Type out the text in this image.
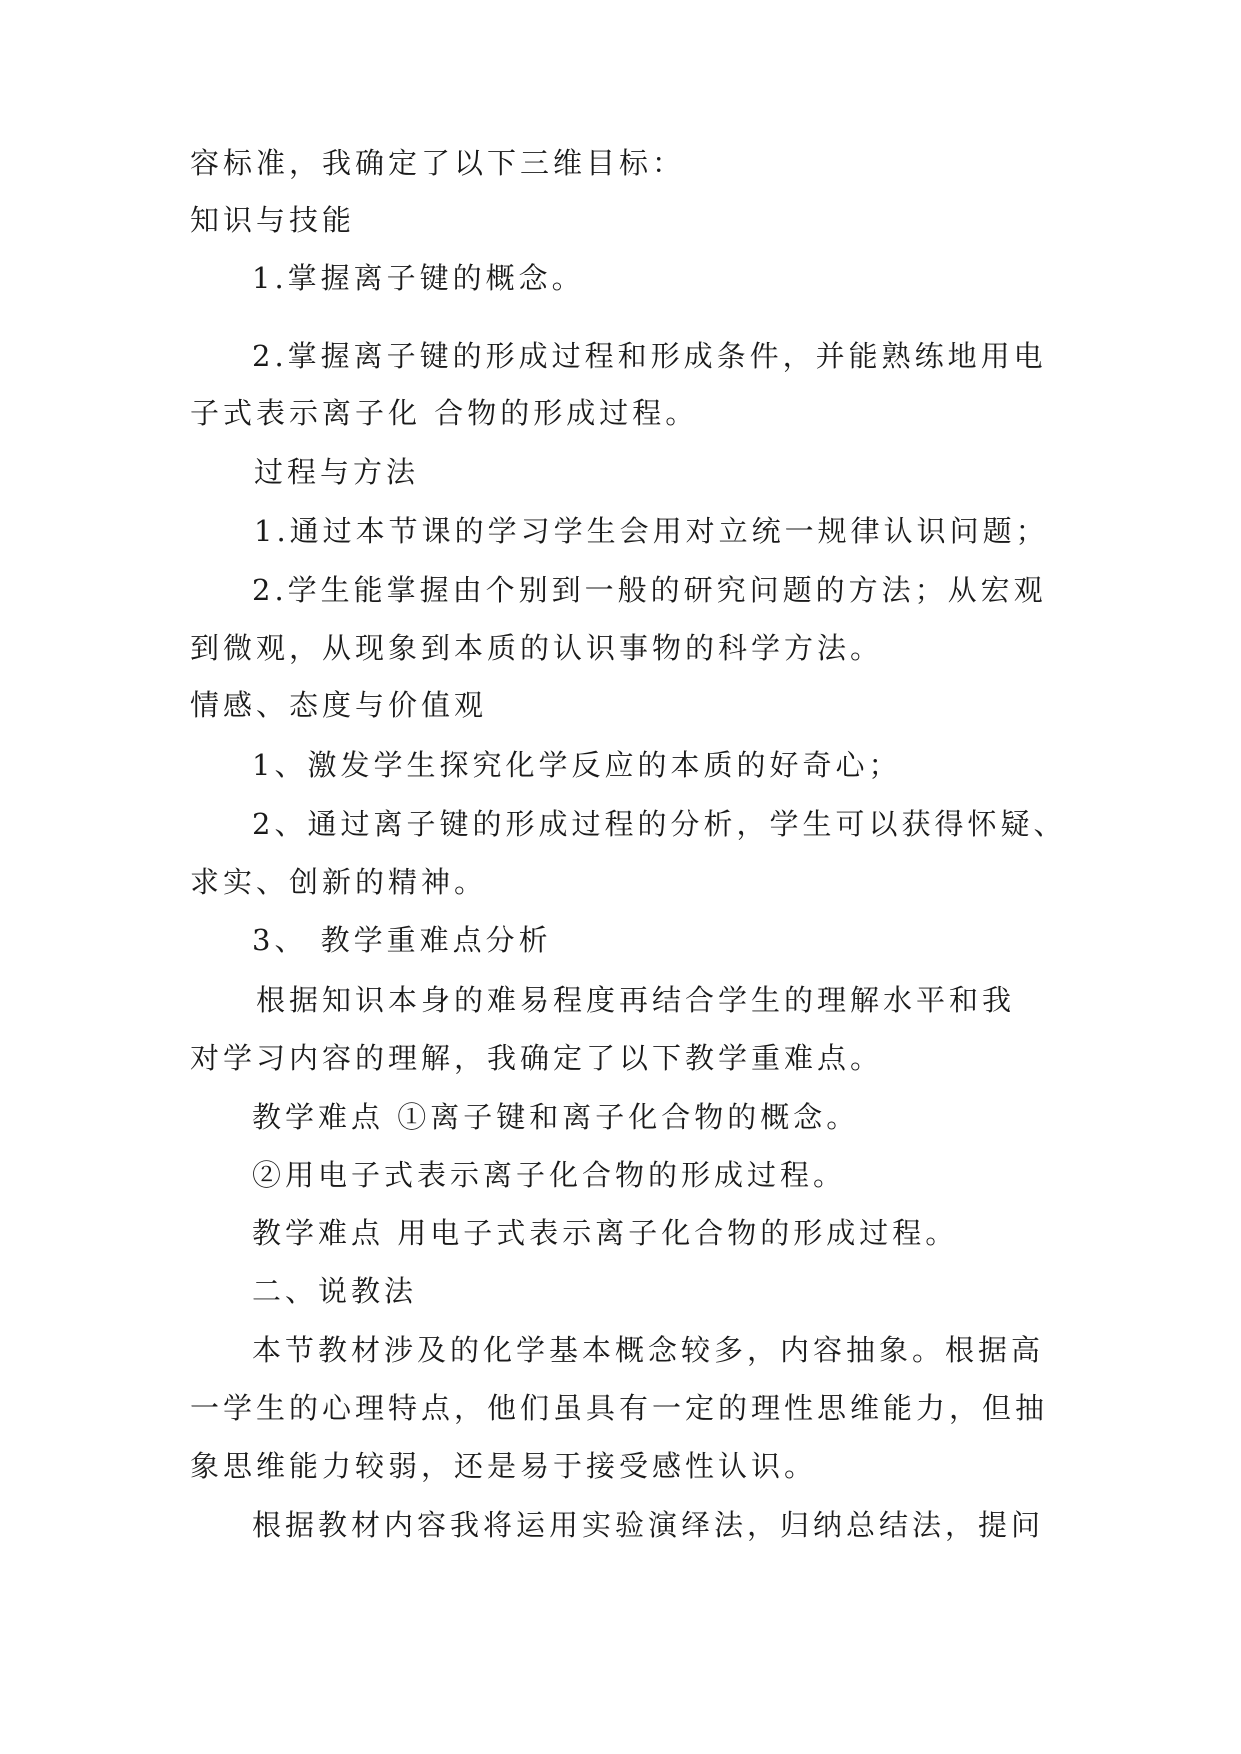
容标准，我确定了以下三维目标：
知识与技能
1.掌握离子键的概念。
2.掌握离子键的形成过程和形成条件，并能熟练地用电
子式表示离子化 合物的形成过程。
过程与方法
1.通过本节课的学习学生会用对立统一规律认识问题；
2.学生能掌握由个别到一般的研究问题的方法；从宏观
到微观，从现象到本质的认识事物的科学方法。
情感、态度与价值观
1、激发学生探究化学反应的本质的好奇心；
2、通过离子键的形成过程的分析，学生可以获得怀疑、
求实、创新的精神。
3、 教学重难点分析
根据知识本身的难易程度再结合学生的理解水平和我
对学习内容的理解，我确定了以下教学重难点。
教学难点 ①离子键和离子化合物的概念。
②用电子式表示离子化合物的形成过程。
教学难点 用电子式表示离子化合物的形成过程。
二、说教法
本节教材涉及的化学基本概念较多，内容抽象。根据高
一学生的心理特点，他们虽具有一定的理性思维能力，但抽
象思维能力较弱，还是易于接受感性认识。
根据教材内容我将运用实验演绎法，归纳总结法，提问
